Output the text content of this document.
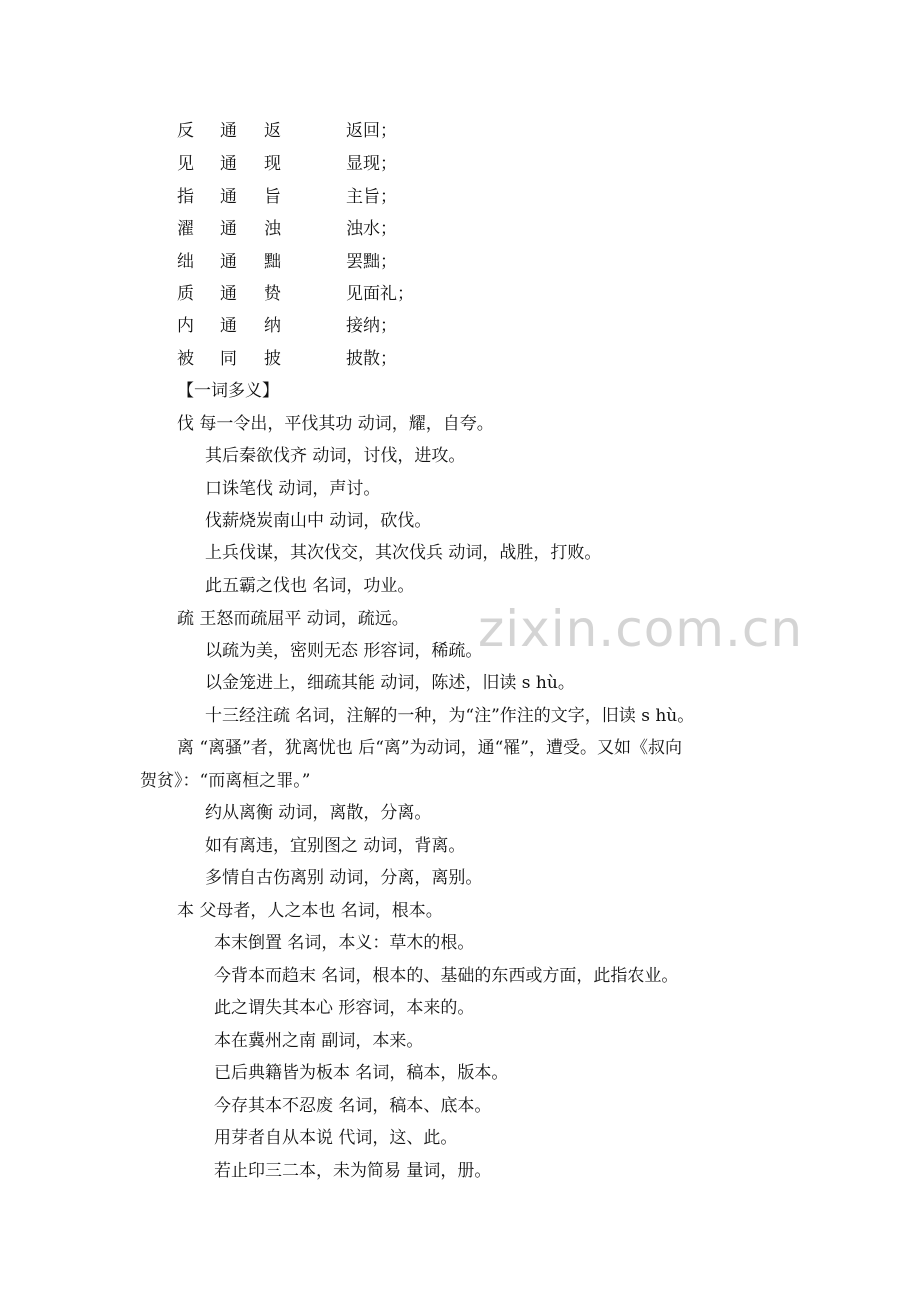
反 通 返	返回；
见 通 现	显现；
指 通 旨	主旨；
濯 通 浊	浊水；
绌 通 黜	罢黜；
质 通 贽	见面礼；
内 通 纳	接纳；
被 同 披	披散；
【一词多义】
伐 每一令出，平伐其功 动词，耀，自夸。
其后秦欲伐齐 动词，讨伐，进攻。
口诛笔伐 动词，声讨。
伐薪烧炭南山中 动词，砍伐。
上兵伐谋，其次伐交，其次伐兵 动词，战胜，打败。
此五霸之伐也 名词，功业。
疏 王怒而疏屈平 动词，疏远。
以疏为美，密则无态 形容词，稀疏。
以金笼进上，细疏其能 动词，陈述，旧读 s hù。
十三经注疏 名词，注解的一种，为“注”作注的文字，旧读 s hù。
离 “离骚”者，犹离忧也 后“离”为动词，通“罹”，遭受。又如《叔向
贺贫》：“而离桓之罪。”
约从离衡 动词，离散，分离。
如有离违，宜别图之 动词，背离。
多情自古伤离别 动词，分离，离别。
本 父母者，人之本也 名词，根本。
本末倒置 名词，本义：草木的根。
今背本而趋末 名词，根本的、基础的东西或方面，此指农业。
此之谓失其本心 形容词，本来的。
本在冀州之南 副词，本来。
已后典籍皆为板本 名词，稿本，版本。
今存其本不忍废 名词，稿本、底本。
用芽者自从本说 代词，这、此。
若止印三二本，未为简易 量词，册。
zixin.com.cn
